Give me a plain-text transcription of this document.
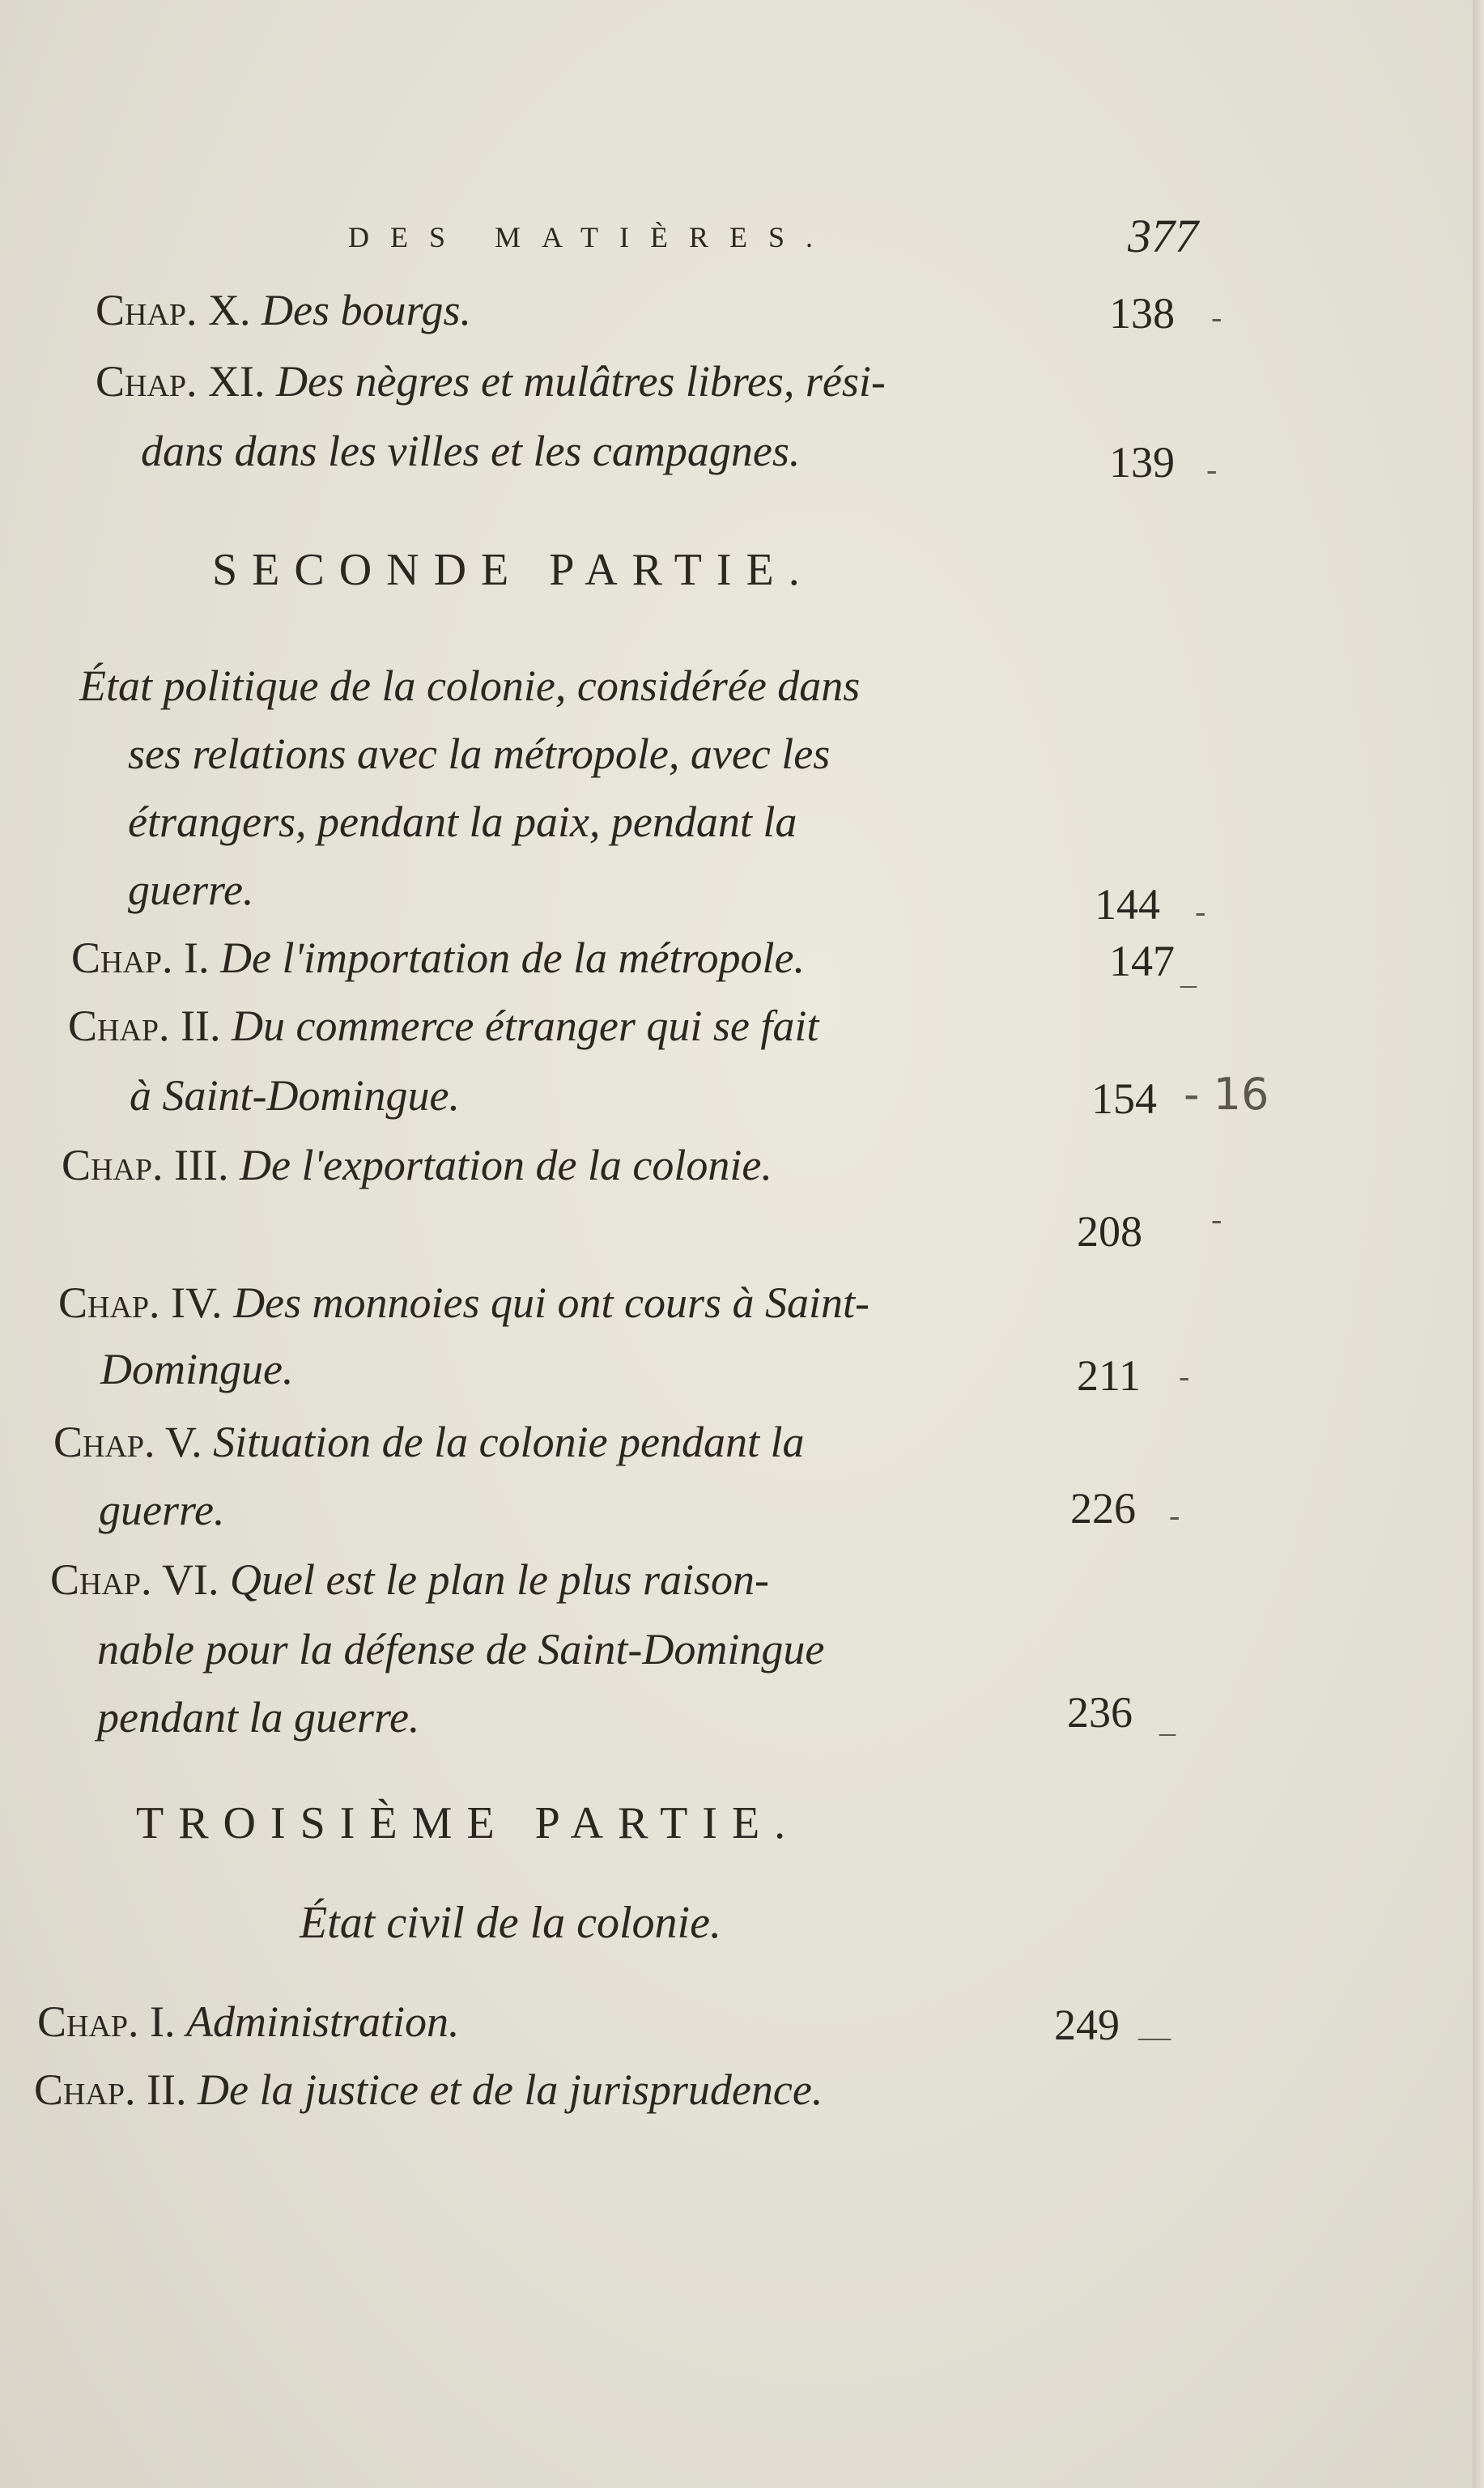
DES MATIÈRES.	377
Chap. X. Des bourgs.	138 -
Chap. XI. Des nègres et mulâtres libres, rési-
dans dans les villes et les campagnes.	139 -
SECONDE PARTIE.
État politique de la colonie, considérée dans
ses relations avec la métropole, avec les
étrangers, pendant la paix, pendant la
guerre.	144 -
Chap. I. De l'importation de la métropole.	147 _
Chap. II. Du commerce étranger qui se fait
à Saint-Domingue.	154 - 16
Chap. III. De l'exportation de la colonie.
208 -
Chap. IV. Des monnoies qui ont cours à Saint-
Domingue.	211 -
Chap. V. Situation de la colonie pendant la
guerre.	226 -
Chap. VI. Quel est le plan le plus raison-
nable pour la défense de Saint-Domingue
pendant la guerre.	236 _
TROISIÈME PARTIE.
État civil de la colonie.
Chap. I. Administration.	249 __
Chap. II. De la justice et de la jurisprudence.
